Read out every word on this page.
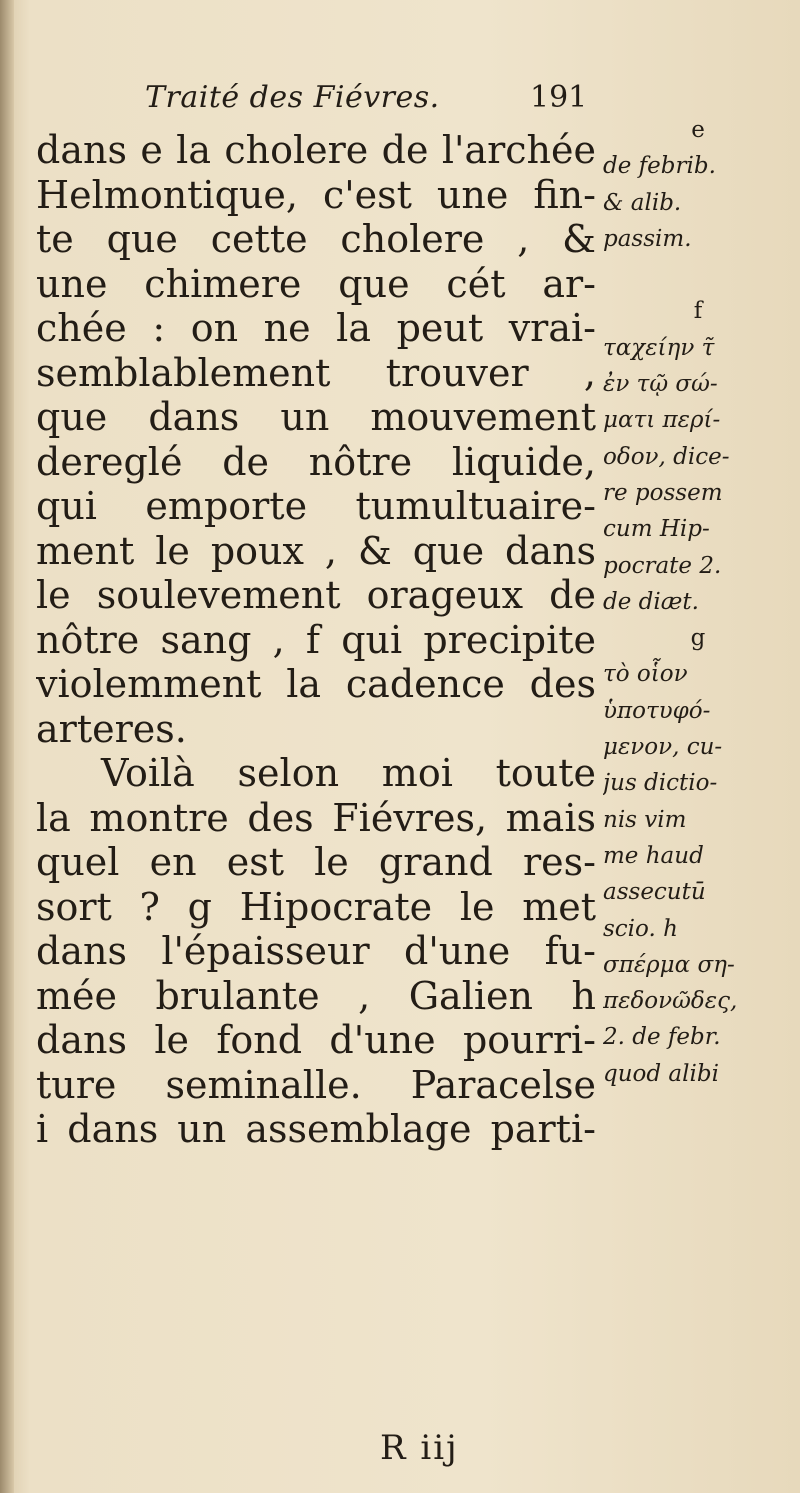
Traité des Fiévres.	191
dans e la cholere de l'archée
Helmontique, c'est une fin-
te que cette cholere , &
une chimere que cét ar-
chée : on ne la peut vrai-
semblablement trouver ,
que dans un mouvement
dereglé de nôtre liquide,
qui emporte tumultuaire-
ment le poux , & que dans
le soulevement orageux de
nôtre sang , f qui precipite
violemment la cadence des
arteres.
Voilà selon moi toute
la montre des Fiévres, mais
quel en est le grand res-
sort ? g Hipocrate le met
dans l'épaisseur d'une fu-
mée brulante , Galien h
dans le fond d'une pourri-
ture seminalle. Paracelse
i dans un assemblage parti-
e
de febrib.
& alib.
passim.
f
ταχείην τ̃
ἐν τῷ σώ-
ματι περί-
οδον, dice-
re possem
cum Hip-
pocrate 2.
de diæt.
g
τὸ οἷον
ὑποτυφό-
μενον, cu-
jus dictio-
nis vim
me haud
assecutū
scio. h
σπέρμα ση-
πεδονῶδες,
2. de febr.
quod alibi
R iij
